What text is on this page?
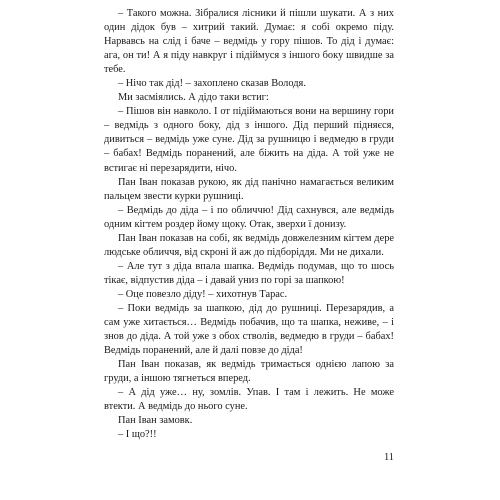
– Такого можна. Зібралися лісники й пішли шукати. А з них один дідок був – хитрий такий. Думає: я собі окремо піду. Нарвавсь на слід і баче – ведмідь у гору пішов. То дід і думає: ага, он ти! А я піду навкруг і підіймуся з іншого боку швидше за тебе.

– Нічо так дід! – захоплено сказав Володя.

Ми засміялись. А дідо таки встиг:

– Пішов він навколо. І от підіймаються вони на вершину гори – ведмідь з одного боку, дід з іншого. Дід перший підняєся, дивиться – ведмідь уже суне. Дід за рушницю і ведмедю в груди – бабах! Ведмідь поранений, але біжить на діда. А той уже не встигає ні перезарядити, нічо.

Пан Іван показав рукою, як дід панічно намагається великим пальцем звести курки рушниці.

– Ведмідь до діда – і по обличчю! Дід сахнувся, але ведмідь одним кігтем роздер йому щоку. Отак, зверхи ї донизу.

Пан Іван показав на собі, як ведмідь довжелезним кігтем дере людське обличчя, від скроні й аж до підборіддя. Ми не дихали.

– Але тут з діда впала шапка. Ведмідь подумав, що то шось тікає, відпустив діда – і давай униз по горі за шапкою!

– Оце повезло діду! – хихотнув Тарас.

– Поки ведмідь за шапкою, дід до рушниці. Перезарядив, а сам уже хитається… Ведмідь побачив, що та шапка, неживе, – і знов до діда. А той уже з обох стволів, ведмедю в груди – бабах! Ведмідь поранений, але й далі повзе до діда!

Пан Іван показав, як ведмідь тримається однією лапою за груди, а іншою тягнеться вперед.

– А дід уже… ну, зомлів. Упав. І там і лежить. Не може втекти. А ведмідь до нього суне.

Пан Іван замовк.

– І що?!!

11
